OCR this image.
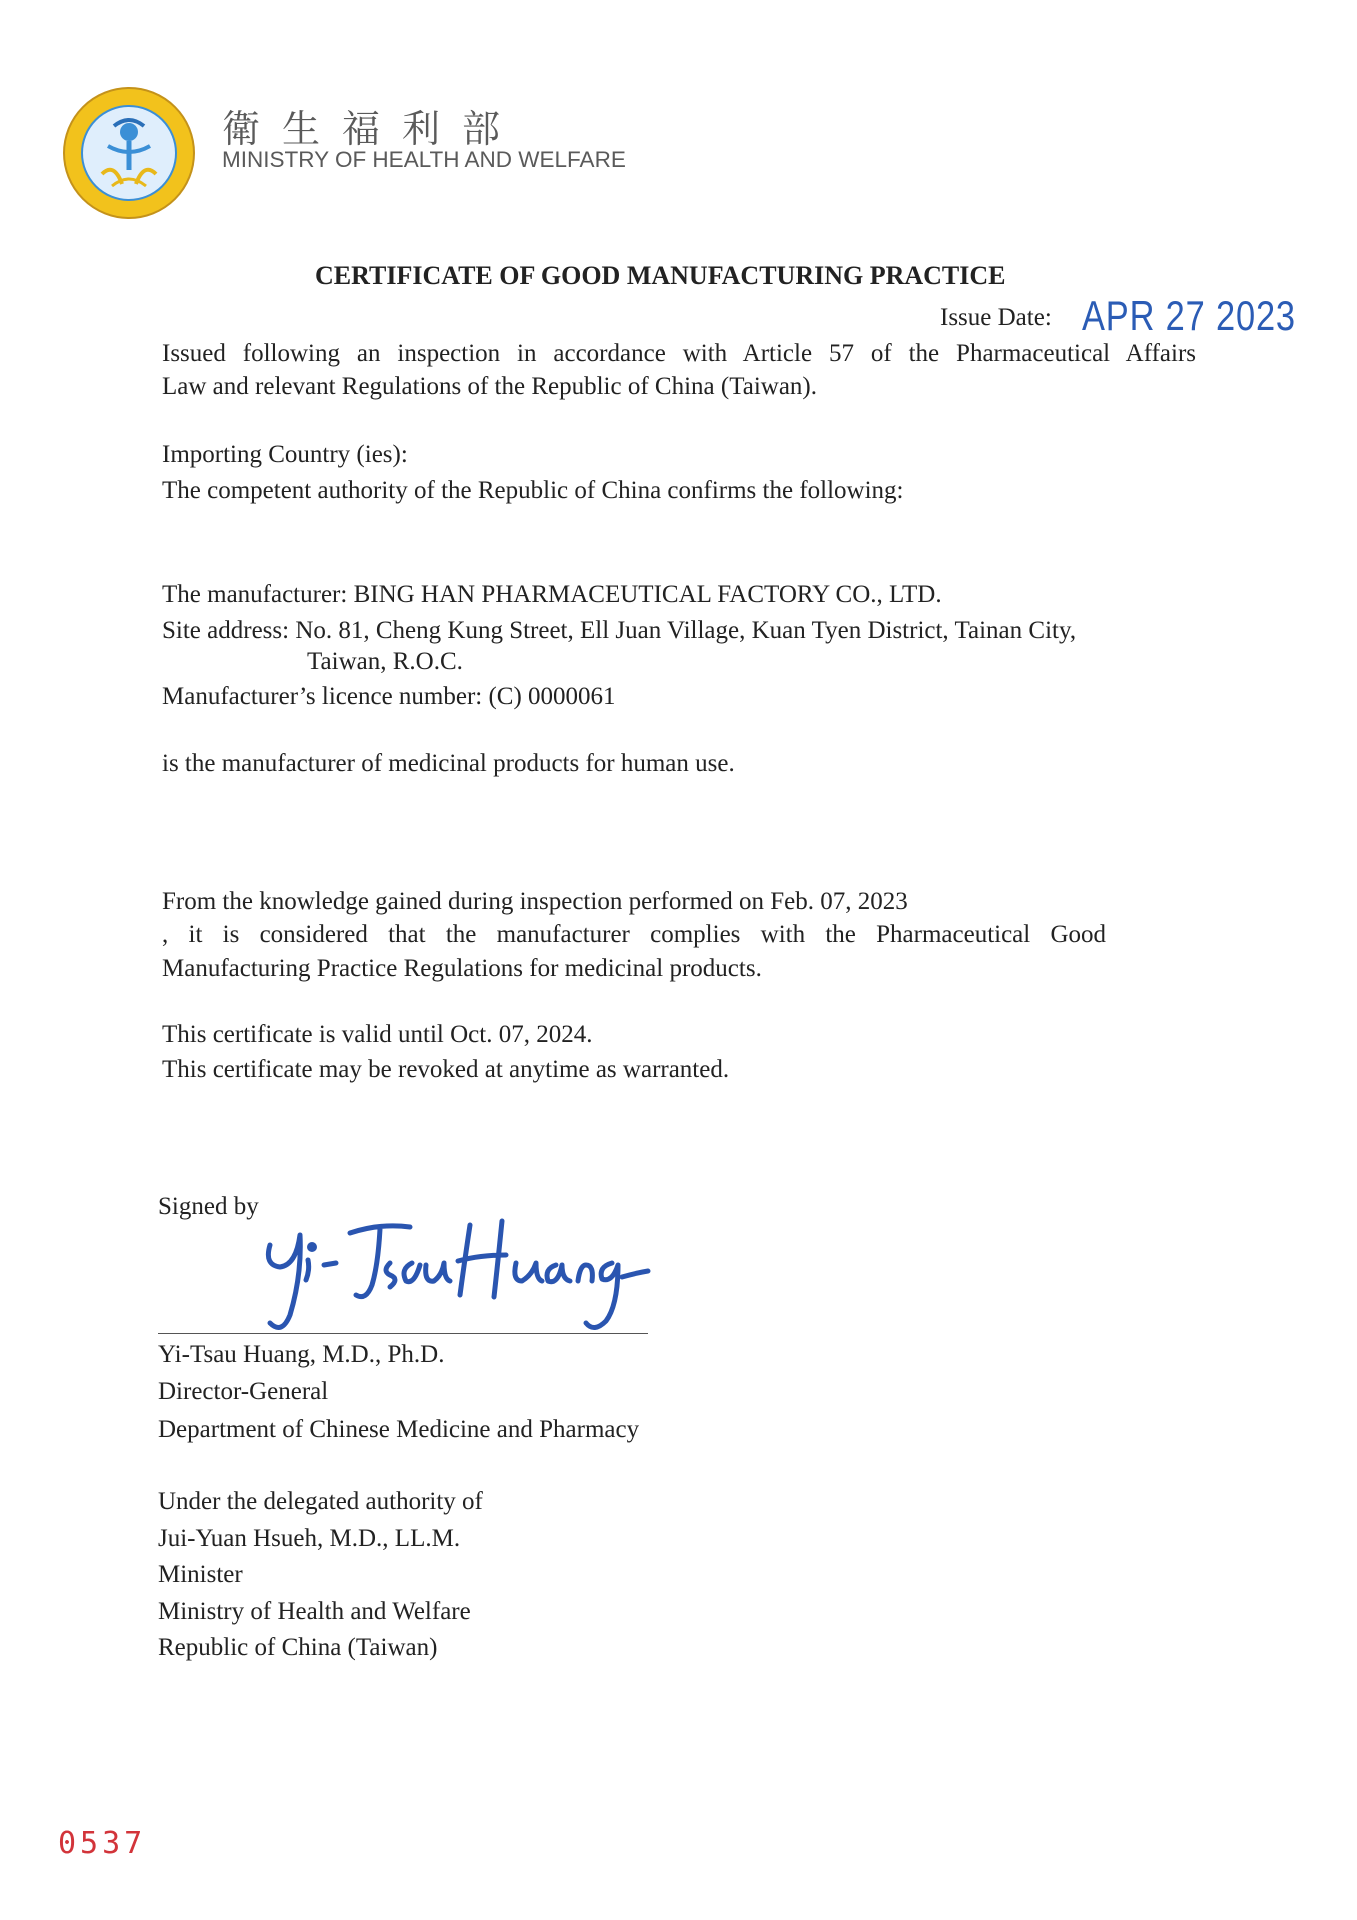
衛生福利部
MINISTRY OF HEALTH AND WELFARE
CERTIFICATE OF GOOD MANUFACTURING PRACTICE
Issue Date: APR 27 2023
Issued following an inspection in accordance with Article 57 of the Pharmaceutical Affairs
Law and relevant Regulations of the Republic of China (Taiwan).
Importing Country (ies):
The competent authority of the Republic of China confirms the following:
The manufacturer: BING HAN PHARMACEUTICAL FACTORY CO., LTD.
Site address: No. 81, Cheng Kung Street, Ell Juan Village, Kuan Tyen District, Tainan City,
Taiwan, R.O.C.
Manufacturer’s licence number: (C) 0000061
is the manufacturer of medicinal products for human use.
From the knowledge gained during inspection performed on Feb. 07, 2023
, it is considered that the manufacturer complies with the Pharmaceutical Good
Manufacturing Practice Regulations for medicinal products.
This certificate is valid until Oct. 07, 2024.
This certificate may be revoked at anytime as warranted.
Signed by
Yi-Tsau Huang, M.D., Ph.D.
Director-General
Department of Chinese Medicine and Pharmacy
Under the delegated authority of
Jui-Yuan Hsueh, M.D., LL.M.
Minister
Ministry of Health and Welfare
Republic of China (Taiwan)
0537
